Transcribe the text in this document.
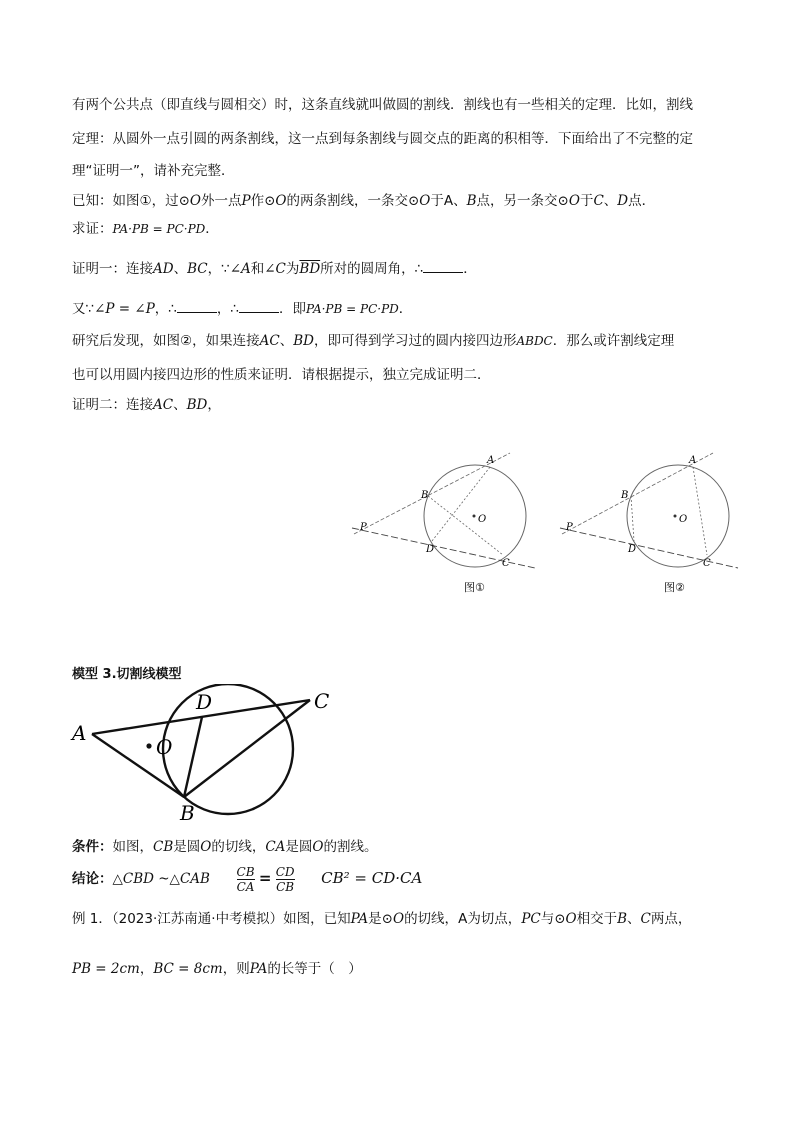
有两个公共点（即直线与圆相交）时，这条直线就叫做圆的割线．割线也有一些相关的定理．比如，割线
定理：从圆外一点引圆的两条割线，这一点到每条割线与圆交点的距离的积相等．下面给出了不完整的定
理“证明一”，请补充完整．
已知：如图①，过⊙O外一点P作⊙O的两条割线，一条交⊙O于A、B点，另一条交⊙O于C、D点．
求证：PA·PB = PC·PD．
证明一：连接AD、BC，∵∠A和∠C为$\overline{BD}$所对的圆周角，∴	．
又∵∠P = ∠P，∴	，∴	．即PA·PB = PC·PD．
研究后发现，如图②，如果连接AC、BD，即可得到学习过的圆内接四边形ABDC．那么或许割线定理
也可以用圆内接四边形的性质来证明．请根据提示，独立完成证明二．
证明二：连接AC、BD，
A
B
O
P
D
C
图①
A
B
O
P
D
C
图②
模型 3.切割线模型
A
D	C
O
B
条件：如图，CB是圆O的切线，CA是圆O的割线。
结论：△CBD ~△CAB $\frac{CB}{CA} = \frac{CD}{CB} CB^2 = CD\cdot CA$
例 1．（2023·江苏南通·中考模拟）如图，已知PA是⊙O的切线，A为切点，PC与⊙O相交于B、C两点，
PB = 2cm，BC = 8cm，则PA的长等于（　）
